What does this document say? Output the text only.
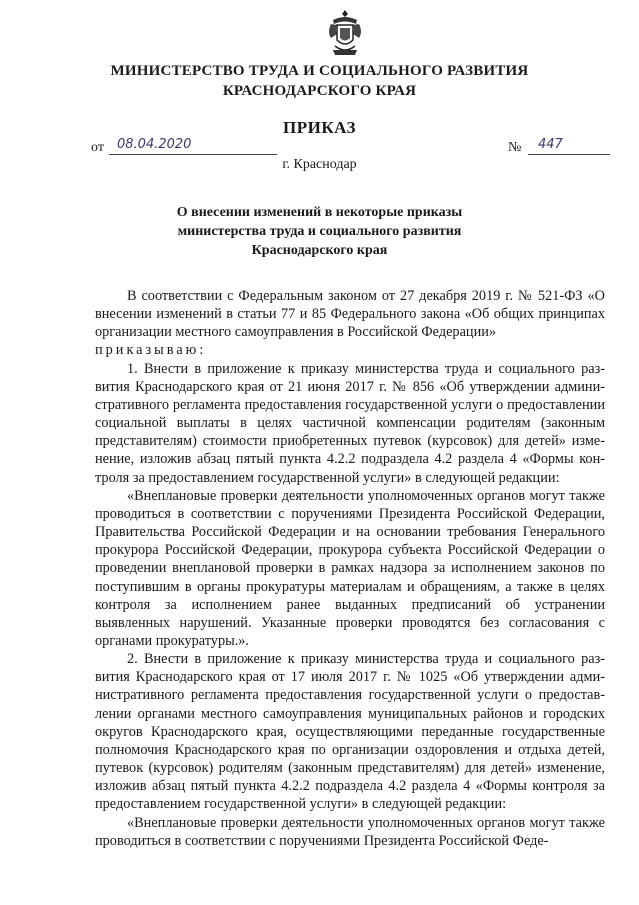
МИНИСТЕРСТВО ТРУДА И СОЦИАЛЬНОГО РАЗВИТИЯ
КРАСНОДАРСКОГО КРАЯ
ПРИКАЗ
от	08.04.2020	№	447
г. Краснодар
О внесении изменений в некоторые приказы
министерства труда и социального развития
Краснодарского края

В соответствии с Федеральным законом от 27 декабря 2019 г. № 521-ФЗ «О внесении изменений в статьи 77 и 85 Федерального закона «Об общих принципах организации местного самоуправления в Российской Федерации»
приказываю:

1. Внести в приложение к приказу министерства труда и социального развития Краснодарского края от 21 июня 2017 г. № 856 «Об утверждении административного регламента предоставления государственной услуги о предоставлении социальной выплаты в целях частичной компенсации родителям (законным представителям) стоимости приобретенных путевок (курсовок) для детей» изменение, изложив абзац пятый пункта 4.2.2 подраздела 4.2 раздела 4 «Формы контроля за предоставлением государственной услуги» в следующей редакции:

«Внеплановые проверки деятельности уполномоченных органов могут также проводиться в соответствии с поручениями Президента Российской Федерации, Правительства Российской Федерации и на основании требования Генерального прокурора Российской Федерации, прокурора субъекта Российской Федерации о проведении внеплановой проверки в рамках надзора за исполнением законов по поступившим в органы прокуратуры материалам и обращениям, а также в целях контроля за исполнением ранее выданных предписаний об устранении выявленных нарушений. Указанные проверки проводятся без согласования с органами прокуратуры.».

2. Внести в приложение к приказу министерства труда и социального развития Краснодарского края от 17 июля 2017 г. № 1025 «Об утверждении административного регламента предоставления государственной услуги о предоставлении органами местного самоуправления муниципальных районов и городских округов Краснодарского края, осуществляющими переданные государственные полномочия Краснодарского края по организации оздоровления и отдыха детей, путевок (курсовок) родителям (законным представителям) для детей» изменение, изложив абзац пятый пункта 4.2.2 подраздела 4.2 раздела 4 «Формы контроля за предоставлением государственной услуги» в следующей редакции:

«Внеплановые проверки деятельности уполномоченных органов могут также проводиться в соответствии с поручениями Президента Российской Феде-
